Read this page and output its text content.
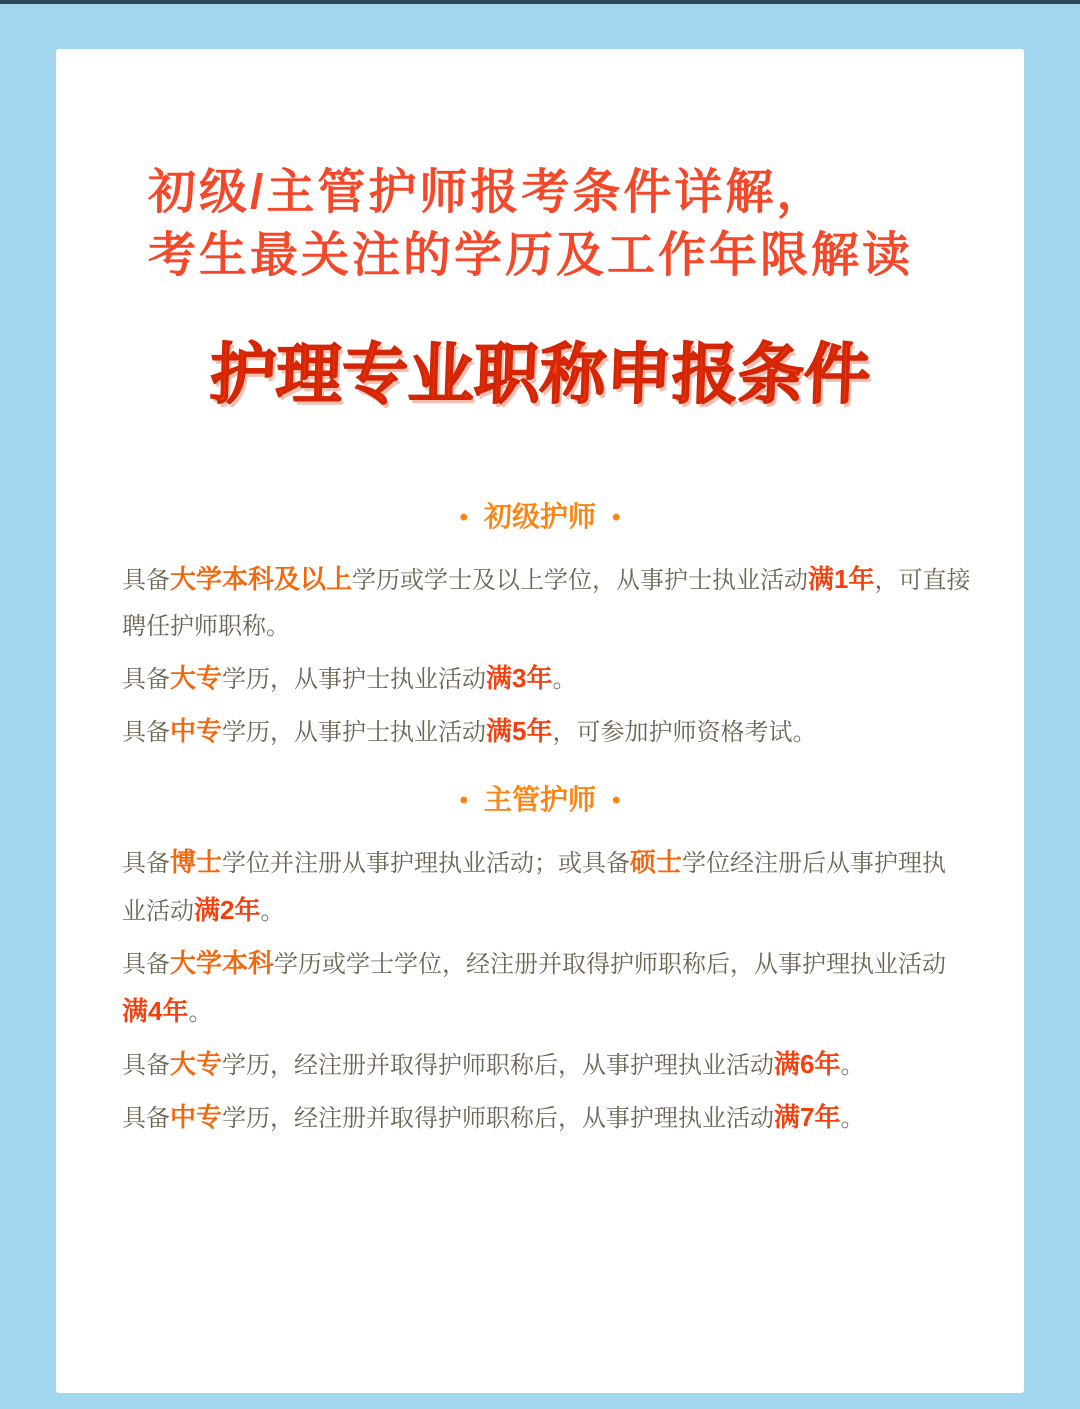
初级/主管护师报考条件详解，
考生最关注的学历及工作年限解读
护理专业职称申报条件
• 初级护师 •
具备大学本科及以上学历或学士及以上学位，从事护士执业活动满1年，可直接
聘任护师职称。
具备大专学历，从事护士执业活动满3年。
具备中专学历，从事护士执业活动满5年，可参加护师资格考试。
• 主管护师 •
具备博士学位并注册从事护理执业活动；或具备硕士学位经注册后从事护理执
业活动满2年。
具备大学本科学历或学士学位，经注册并取得护师职称后，从事护理执业活动
满4年。
具备大专学历，经注册并取得护师职称后，从事护理执业活动满6年。
具备中专学历，经注册并取得护师职称后，从事护理执业活动满7年。
